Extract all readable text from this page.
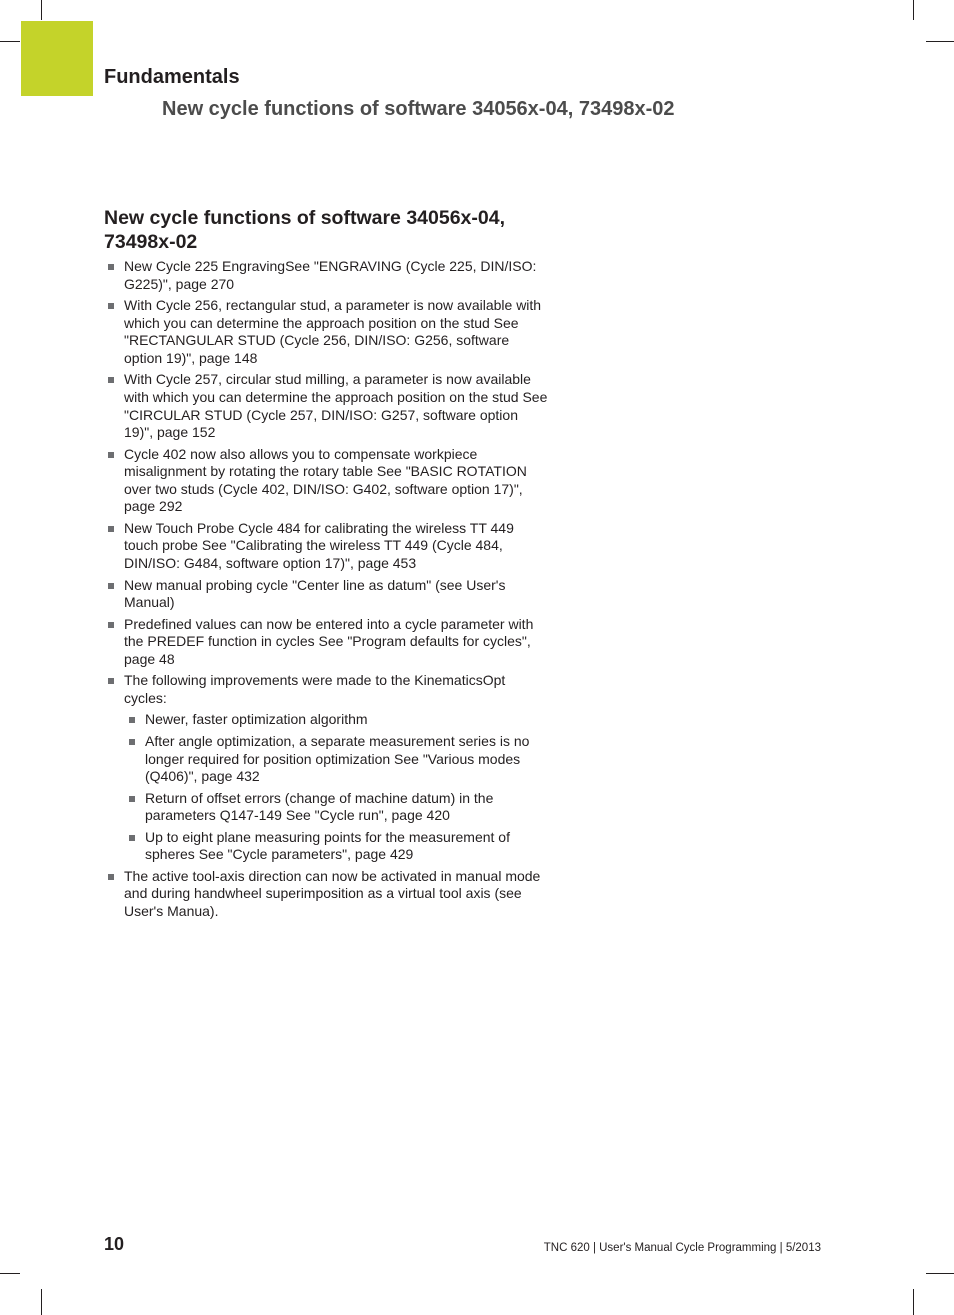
Fundamentals
New cycle functions of software 34056x-04, 73498x-02
New cycle functions of software 34056x-04, 73498x-02
New Cycle 225 EngravingSee "ENGRAVING (Cycle 225, DIN/ISO: G225)", page 270
With Cycle 256, rectangular stud, a parameter is now available with which you can determine the approach position on the stud See "RECTANGULAR STUD (Cycle 256, DIN/ISO: G256, software option 19)", page 148
With Cycle 257, circular stud milling, a parameter is now available with which you can determine the approach position on the stud See "CIRCULAR STUD (Cycle 257, DIN/ISO: G257, software option 19)", page 152
Cycle 402 now also allows you to compensate workpiece misalignment by rotating the rotary table See "BASIC ROTATION over two studs (Cycle 402, DIN/ISO: G402, software option 17)", page 292
New Touch Probe Cycle 484 for calibrating the wireless TT 449 touch probe See "Calibrating the wireless TT 449 (Cycle 484, DIN/ISO: G484, software option 17)", page 453
New manual probing cycle "Center line as datum" (see User's Manual)
Predefined values can now be entered into a cycle parameter with the PREDEF function in cycles See "Program defaults for cycles", page 48
The following improvements were made to the KinematicsOpt cycles:
Newer, faster optimization algorithm
After angle optimization, a separate measurement series is no longer required for position optimization See "Various modes (Q406)", page 432
Return of offset errors (change of machine datum) in the parameters Q147-149 See "Cycle run", page 420
Up to eight plane measuring points for the measurement of spheres See "Cycle parameters", page 429
The active tool-axis direction can now be activated in manual mode and during handwheel superimposition as a virtual tool axis (see User's Manua).
10	TNC 620 | User's Manual Cycle Programming | 5/2013
